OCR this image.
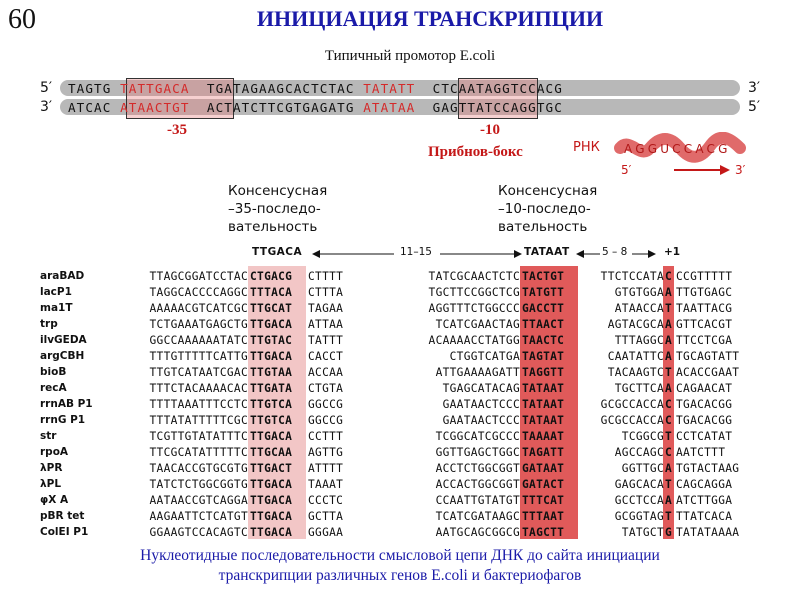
60	ИНИЦИАЦИЯ ТРАНСКРИПЦИИ
Типичный промотор E.coli
5′
3′
3′
5′
TAGTG TATTGACA  TGATAGAAGCACTCTAC TATATT  CTCAATAGGTCCACG
ATCAC ATAACTGT  ACTATCTTCGTGAGATG ATATAA  GAGTTATCCAGGTGC
-35	-10
Прибнов-бокс	РНК AGGUCCACG
5′	3′
Консенсусная
–35-последо-
вательность
Консенсусная
–10-последо-
вательность
TTGACA	11–15	TATAAT	5 – 8	+1
araBAD	TTAGCGGATCCTAC CTGACG	CTTTT	TATCGCAACTCTC TACTGT	TTCTCCATA C CCGTTTTT
lacP1	TAGGCACCCCAGGC TTTACA	CTTTA	TGCTTCCGGCTCG TATGTT	GTGTGGA A TTGTGAGC
ma1T	AAAAACGTCATCGC TTGCAT	TAGAA	AGGTTTCTGGCCC GACCTT	ATAACCA T TAATTACG
trp	TCTGAAATGAGCTG TTGACA	ATTAA	TCATCGAACTAG TTAACT	AGTACGCA A GTTCACGT
ilvGEDA	GGCCAAAAAATATC TTGTAC	TATTT	ACAAAACCTATGG TAACTC	TTTAGGC A TTCCTCGA
argCBH	TTTGTTTTTCATTG TTGACA	CACCT	CTGGTCATGA TAGTAT	CAATATTC A TGCAGTATT
bioB	TTGTCATAATCGAC TTGTAA	ACCAA	ATTGAAAAGATT TAGGTT	TACAAGTC T ACACCGAAT
recA	TTTCTACAAAACAC TTGATA	CTGTA	TGAGCATACAG TATAAT	TGCTTCA A CAGAACAT
rrnAB P1	TTTTAAATTTCCTC TTGTCA	GGCCG	GAATAACTCCC TATAAT	GCGCCACCA C TGACACGG
rrnG P1	TTTATATTTTTCGC TTGTCA	GGCCG	GAATAACTCCC TATAAT	GCGCCACCA C TGACACGG
str	TCGTTGTATATTTC TTGACA	CCTTT	TCGGCATCGCCC TAAAAT	TCGGCG T CCTCATAT
rpoA	TTCGCATATTTTTC TTGCAA	AGTTG	GGTTGAGCTGGC TAGATT	AGCCAGC C AATCTTT
λPR	TAACACCGTGCGTG TTGACT	ATTTT	ACCTCTGGCGGT GATAAT	GGTTGC A TGTACTAAG
λPL	TATCTCTGGCGGTG TTGACA	TAAAT	ACCACTGGCGGT GATACT	GAGCACA T CAGCAGGA
φX A	AATAACCGTCAGGA TTGACA	CCCTC	CCAATTGTATGT TTTCAT	GCCTCCA A ATCTTGGA
pBR tet	AAGAATTCTCATGT TTGACA	GCTTA	TCATCGATAAGC TTTAAT	GCGGTAG T TTATCACA
ColEI P1	GGAAGTCCACAGTC TTGACA	GGGAA	AATGCAGCGGCG TAGCTT	TATGCT G TATATAAAA
Нуклеотидные последовательности смысловой цепи ДНК до сайта инициации
транскрипции различных генов E.coli и бактериофагов
